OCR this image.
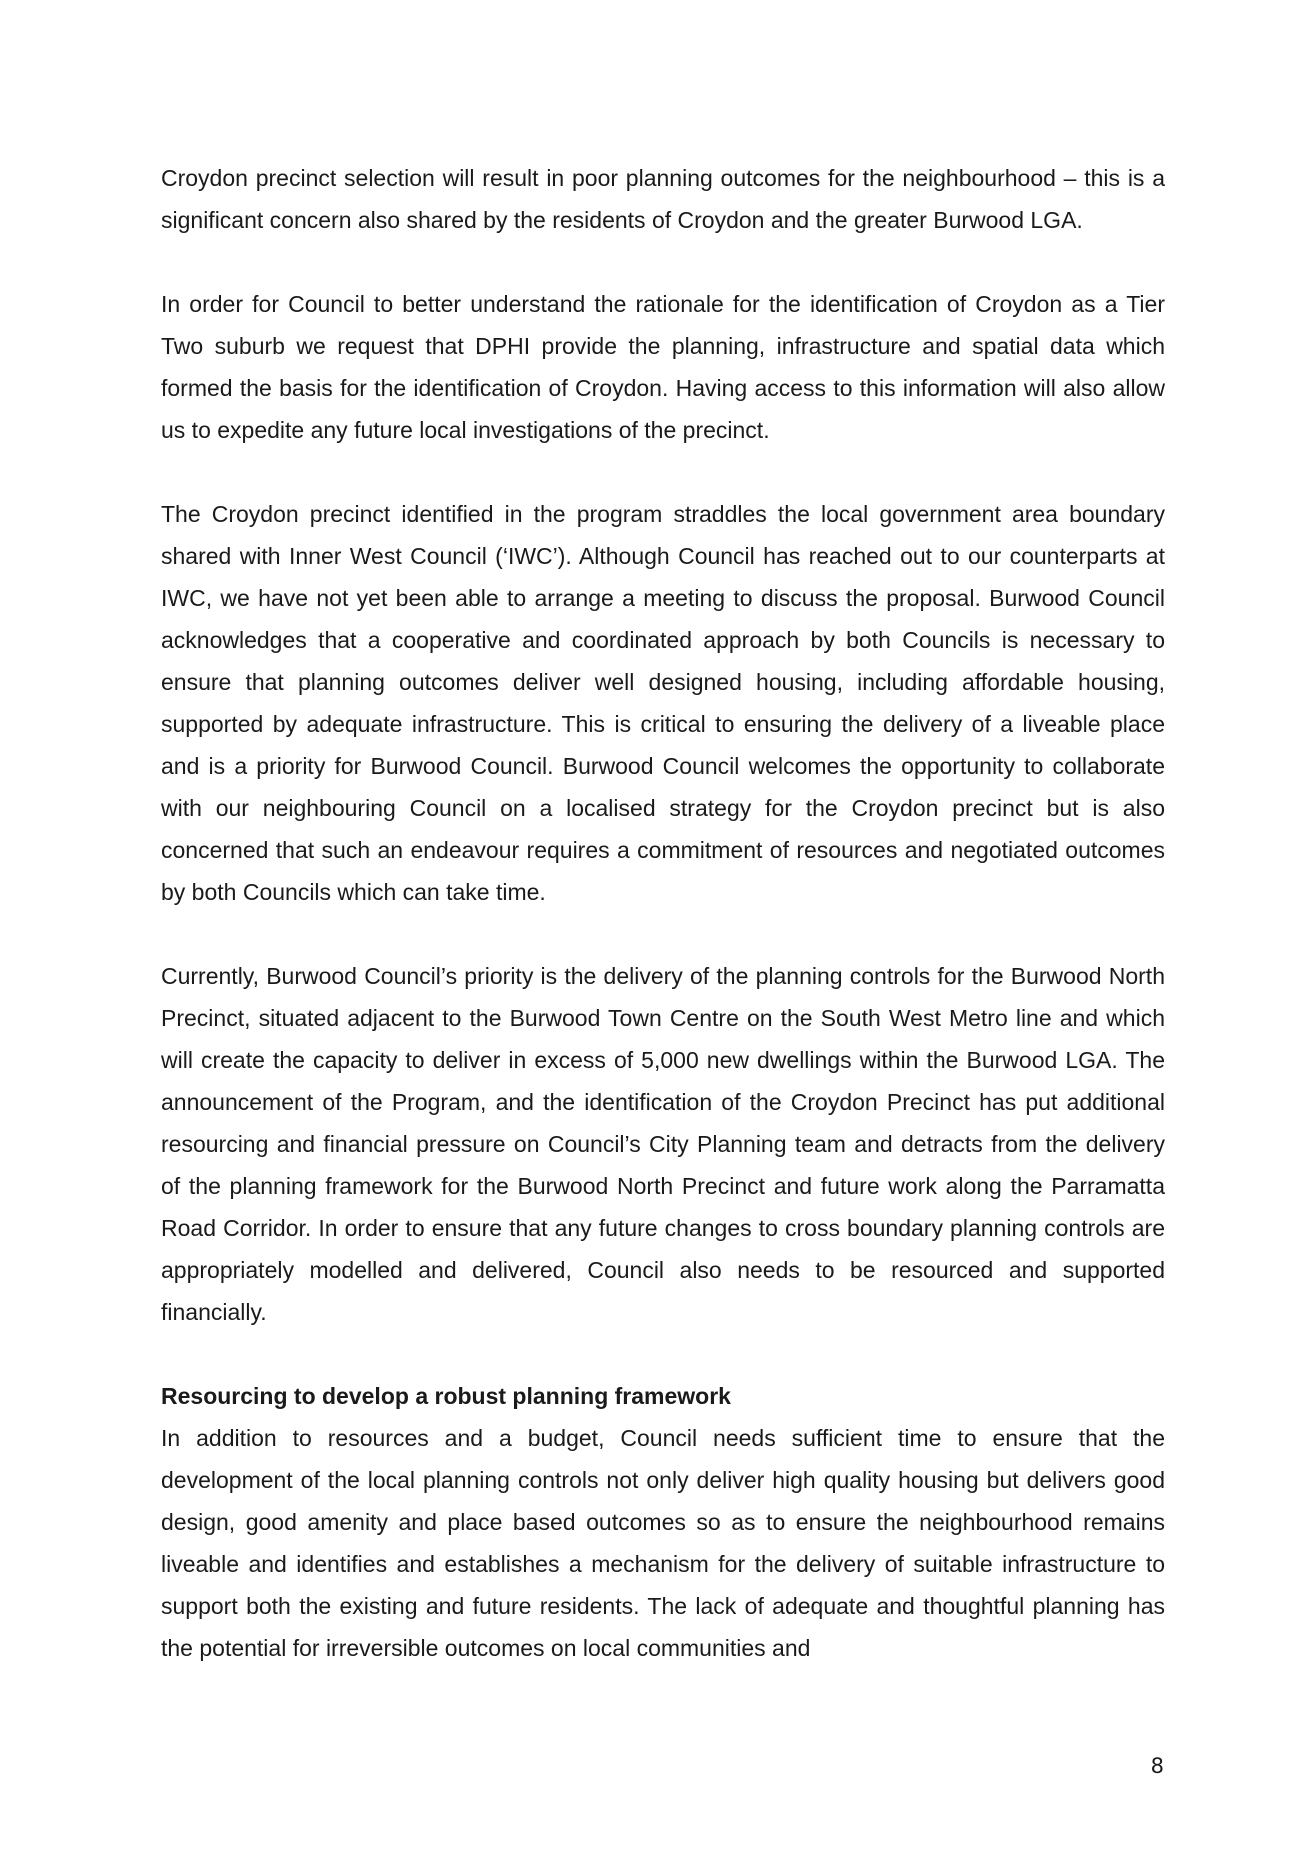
Croydon precinct selection will result in poor planning outcomes for the neighbourhood – this is a significant concern also shared by the residents of Croydon and the greater Burwood LGA.

In order for Council to better understand the rationale for the identification of Croydon as a Tier Two suburb we request that DPHI provide the planning, infrastructure and spatial data which formed the basis for the identification of Croydon. Having access to this information will also allow us to expedite any future local investigations of the precinct.

The Croydon precinct identified in the program straddles the local government area boundary shared with Inner West Council (‘IWC’). Although Council has reached out to our counterparts at IWC, we have not yet been able to arrange a meeting to discuss the proposal. Burwood Council acknowledges that a cooperative and coordinated approach by both Councils is necessary to ensure that planning outcomes deliver well designed housing, including affordable housing, supported by adequate infrastructure. This is critical to ensuring the delivery of a liveable place and is a priority for Burwood Council. Burwood Council welcomes the opportunity to collaborate with our neighbouring Council on a localised strategy for the Croydon precinct but is also concerned that such an endeavour requires a commitment of resources and negotiated outcomes by both Councils which can take time.

Currently, Burwood Council’s priority is the delivery of the planning controls for the Burwood North Precinct, situated adjacent to the Burwood Town Centre on the South West Metro line and which will create the capacity to deliver in excess of 5,000 new dwellings within the Burwood LGA. The announcement of the Program, and the identification of the Croydon Precinct has put additional resourcing and financial pressure on Council’s City Planning team and detracts from the delivery of the planning framework for the Burwood North Precinct and future work along the Parramatta Road Corridor. In order to ensure that any future changes to cross boundary planning controls are appropriately modelled and delivered, Council also needs to be resourced and supported financially.

Resourcing to develop a robust planning framework

In addition to resources and a budget, Council needs sufficient time to ensure that the development of the local planning controls not only deliver high quality housing but delivers good design, good amenity and place based outcomes so as to ensure the neighbourhood remains liveable and identifies and establishes a mechanism for the delivery of suitable infrastructure to support both the existing and future residents. The lack of adequate and thoughtful planning has the potential for irreversible outcomes on local communities and

8
